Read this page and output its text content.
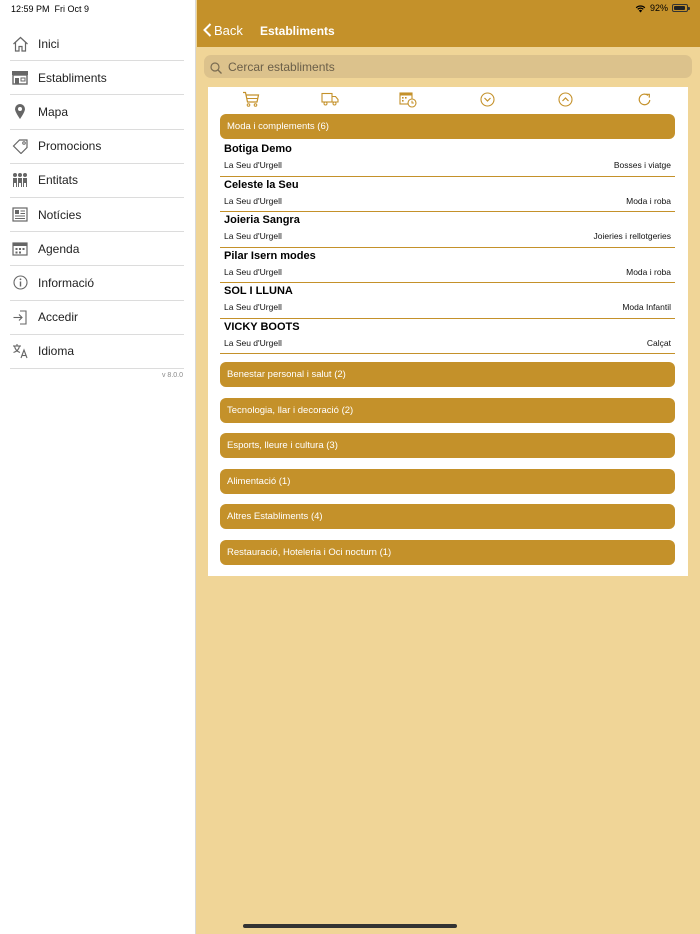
12:59 PM Fri Oct 9	92%
Inici
Establiments
Mapa
Promocions
Entitats
Notícies
Agenda
Informació
Accedir
Idioma
v 8.0.0
Back Establiments
Cercar establiments
Moda i complements (6)
Botiga Demo
La Seu d'Urgell	Bosses i viatge
Celeste la Seu
La Seu d'Urgell	Moda i roba
Joieria Sangra
La Seu d'Urgell	Joieries i rellotgeries
Pilar Isern modes
La Seu d'Urgell	Moda i roba
SOL I LLUNA
La Seu d'Urgell	Moda Infantil
VICKY BOOTS
La Seu d'Urgell	Calçat
Benestar personal i salut (2)
Tecnologia, llar i decoració (2)
Esports, lleure i cultura (3)
Alimentació (1)
Altres Establiments (4)
Restauració, Hoteleria i Oci nocturn (1)
